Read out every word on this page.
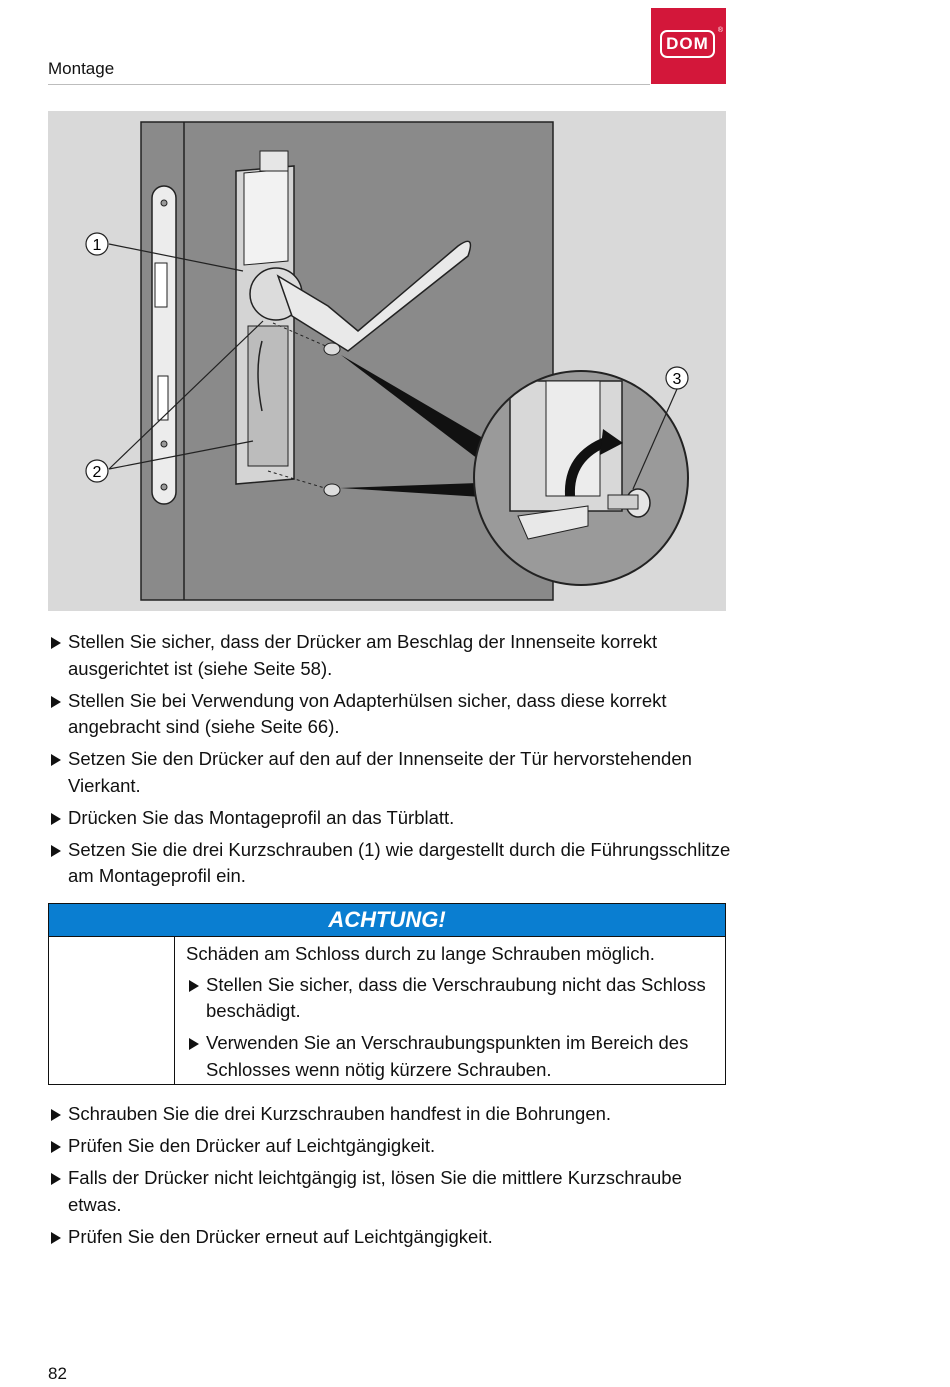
Montage
DOM
®
1
2
3
Stellen Sie sicher, dass der Drücker am Beschlag der Innenseite korrekt ausgerichtet ist (siehe Seite 58).
Stellen Sie bei Verwendung von Adapterhülsen sicher, dass diese korrekt angebracht sind (siehe Seite 66).
Setzen Sie den Drücker auf den auf der Innenseite der Tür hervorstehenden Vierkant.
Drücken Sie das Montageprofil an das Türblatt.
Setzen Sie die drei Kurzschrauben (1) wie dargestellt durch die Führungsschlitze am Montageprofil ein.
ACHTUNG!

Schäden am Schloss durch zu lange Schrauben möglich.

Stellen Sie sicher, dass die Verschraubung nicht das Schloss beschädigt.
Verwenden Sie an Verschraubungspunkten im Bereich des Schlosses wenn nötig kürzere Schrauben.
Schrauben Sie die drei Kurzschrauben handfest in die Bohrungen.
Prüfen Sie den Drücker auf Leichtgängigkeit.
Falls der Drücker nicht leichtgängig ist, lösen Sie die mittlere Kurzschraube etwas.
Prüfen Sie den Drücker erneut auf Leichtgängigkeit.
82
